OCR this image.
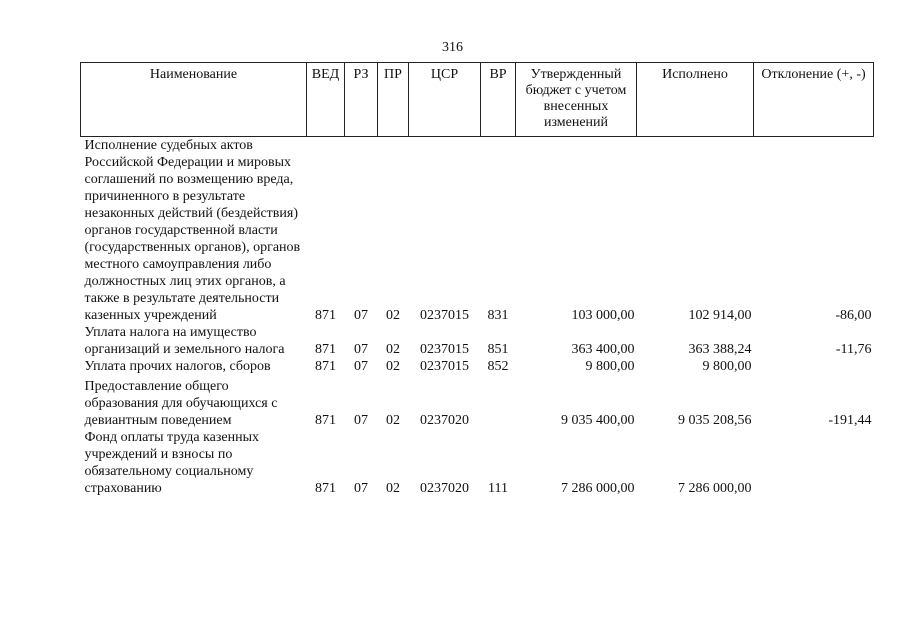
316
Наименование	ВЕД	РЗ	ПР	ЦСР	ВР	Утвержденный бюджет с учетом внесенных изменений	Исполнено	Отклонение (+, -)
Исполнение судебных актов Российской Федерации и мировых соглашений по возмещению вреда, причиненного в результате незаконных действий (бездействия) органов государственной власти (государственных органов), органов местного самоуправления либо должностных лиц этих органов, а также в результате деятельности казенных учреждений	871	07	02	0237015	831	103 000,00	102 914,00	-86,00
Уплата налога на имущество организаций и земельного налога	871	07	02	0237015	851	363 400,00	363 388,24	-11,76
Уплата прочих налогов, сборов	871	07	02	0237015	852	9 800,00	9 800,00	
Предоставление общего образования для обучающихся с девиантным поведением	871	07	02	0237020		9 035 400,00	9 035 208,56	-191,44
Фонд оплаты труда казенных учреждений и взносы по обязательному социальному страхованию	871	07	02	0237020	111	7 286 000,00	7 286 000,00	
